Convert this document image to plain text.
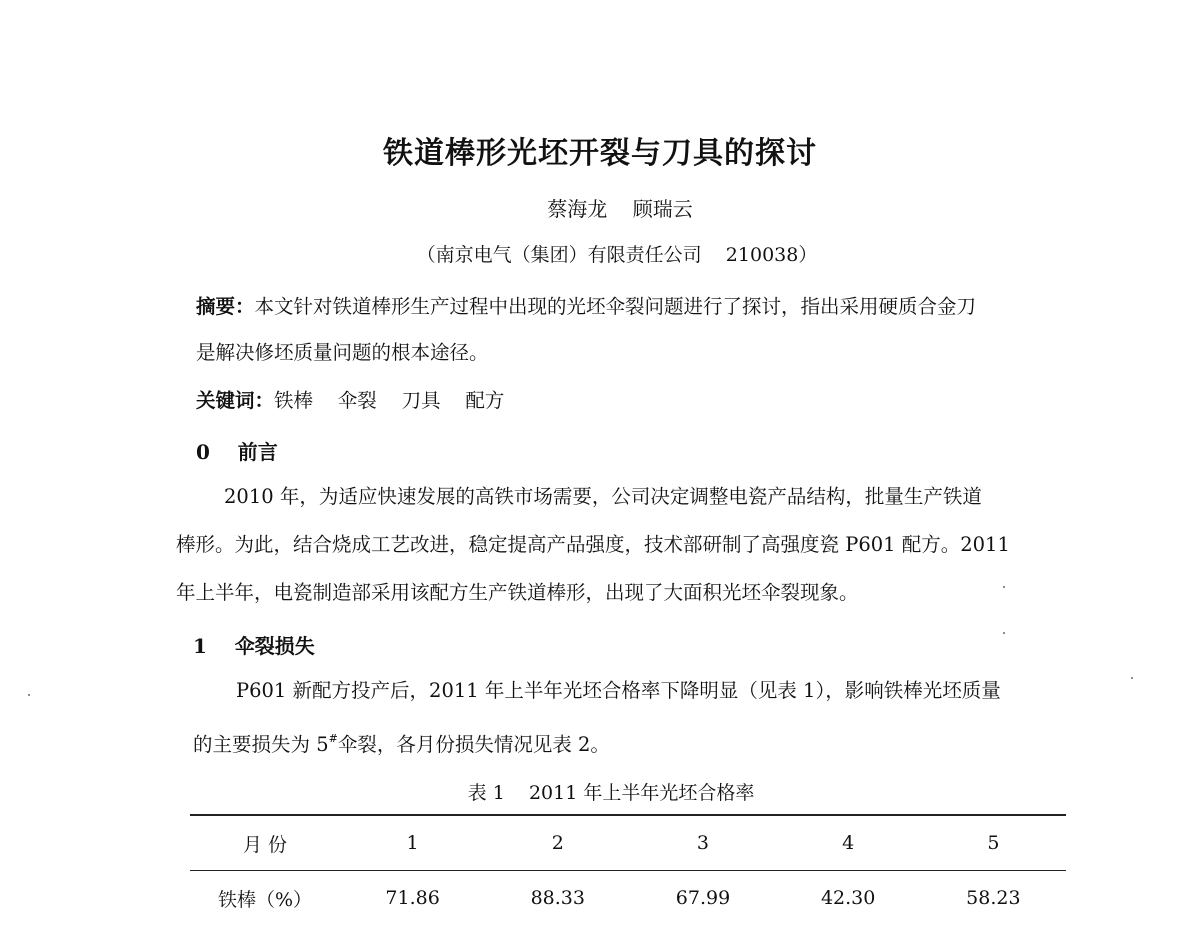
铁道棒形光坯开裂与刀具的探讨
蔡海龙    顾瑞云
（南京电气（集团）有限责任公司    210038）
摘要：本文针对铁道棒形生产过程中出现的光坯伞裂问题进行了探讨，指出采用硬质合金刀
是解决修坯质量问题的根本途径。
关键词：铁棒    伞裂    刀具    配方
0    前言
2010 年，为适应快速发展的高铁市场需要，公司决定调整电瓷产品结构，批量生产铁道
棒形。为此，结合烧成工艺改进，稳定提高产品强度，技术部研制了高强度瓷 P601 配方。2011
年上半年，电瓷制造部采用该配方生产铁道棒形，出现了大面积光坯伞裂现象。
1    伞裂损失
P601 新配方投产后，2011 年上半年光坯合格率下降明显（见表 1），影响铁棒光坯质量
的主要损失为 5#伞裂，各月份损失情况见表 2。
表 1    2011 年上半年光坯合格率
月 份	1	2	3	4	5
铁棒（%）	71.86	88.33	67.99	42.30	58.23
